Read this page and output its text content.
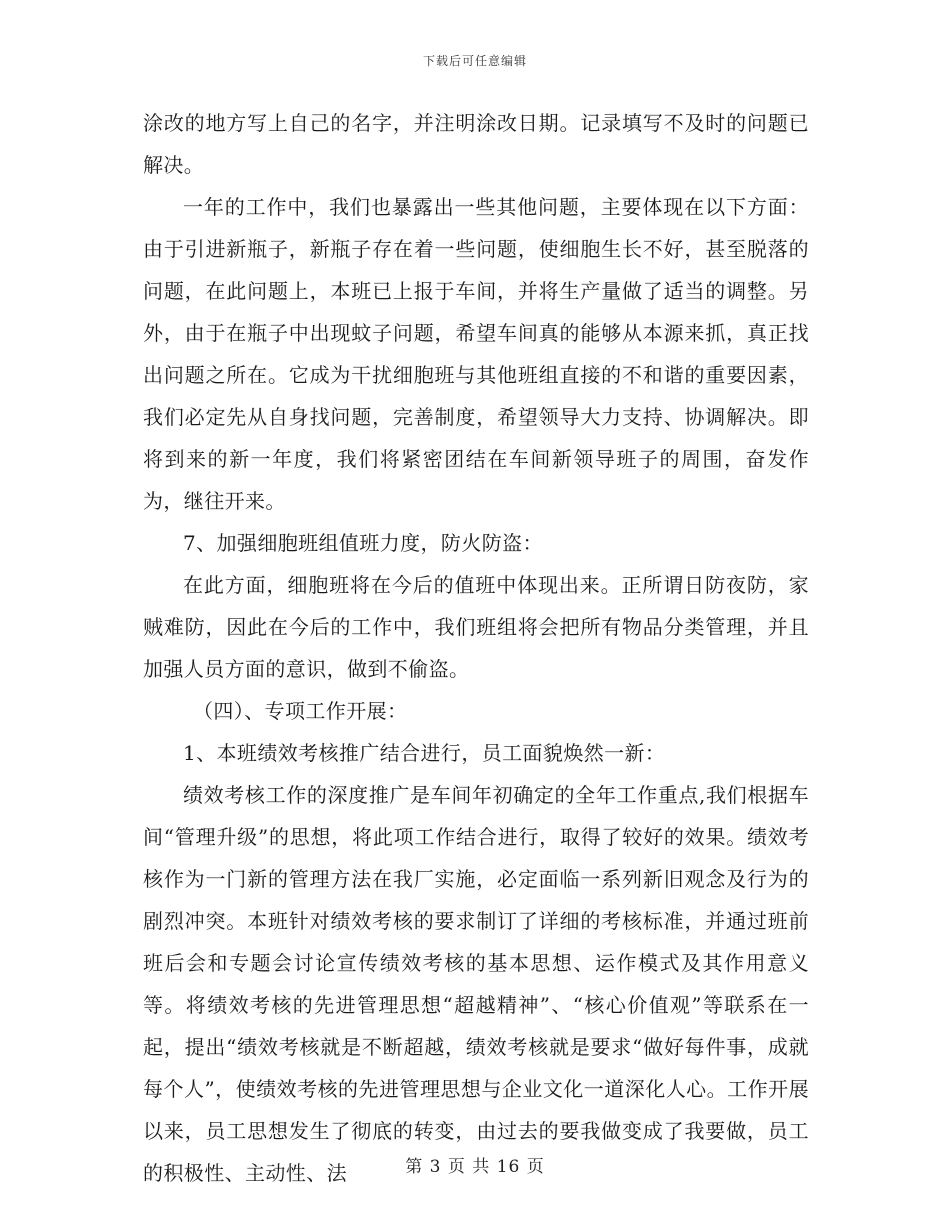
下载后可任意编辑

涂改的地方写上自己的名字，并注明涂改日期。记录填写不及时的问题已解决。

一年的工作中，我们也暴露出一些其他问题，主要体现在以下方面：由于引进新瓶子，新瓶子存在着一些问题，使细胞生长不好，甚至脱落的问题，在此问题上，本班已上报于车间，并将生产量做了适当的调整。另外，由于在瓶子中出现蚊子问题，希望车间真的能够从本源来抓，真正找出问题之所在。它成为干扰细胞班与其他班组直接的不和谐的重要因素，我们必定先从自身找问题，完善制度，希望领导大力支持、协调解决。即将到来的新一年度，我们将紧密团结在车间新领导班子的周围，奋发作为，继往开来。

7、加强细胞班组值班力度，防火防盗：

在此方面，细胞班将在今后的值班中体现出来。正所谓日防夜防，家贼难防，因此在今后的工作中，我们班组将会把所有物品分类管理，并且加强人员方面的意识，做到不偷盗。

（四）、专项工作开展：

1、本班绩效考核推广结合进行，员工面貌焕然一新：

绩效考核工作的深度推广是车间年初确定的全年工作重点,我们根据车间“管理升级”的思想，将此项工作结合进行，取得了较好的效果。绩效考核作为一门新的管理方法在我厂实施，必定面临一系列新旧观念及行为的剧烈冲突。本班针对绩效考核的要求制订了详细的考核标准，并通过班前班后会和专题会讨论宣传绩效考核的基本思想、运作模式及其作用意义等。将绩效考核的先进管理思想“超越精神”、“核心价值观”等联系在一起，提出“绩效考核就是不断超越，绩效考核就是要求“做好每件事，成就每个人”，使绩效考核的先进管理思想与企业文化一道深化人心。工作开展以来，员工思想发生了彻底的转变，由过去的要我做变成了我要做，员工的积极性、主动性、法	第 3 页 共 16 页
